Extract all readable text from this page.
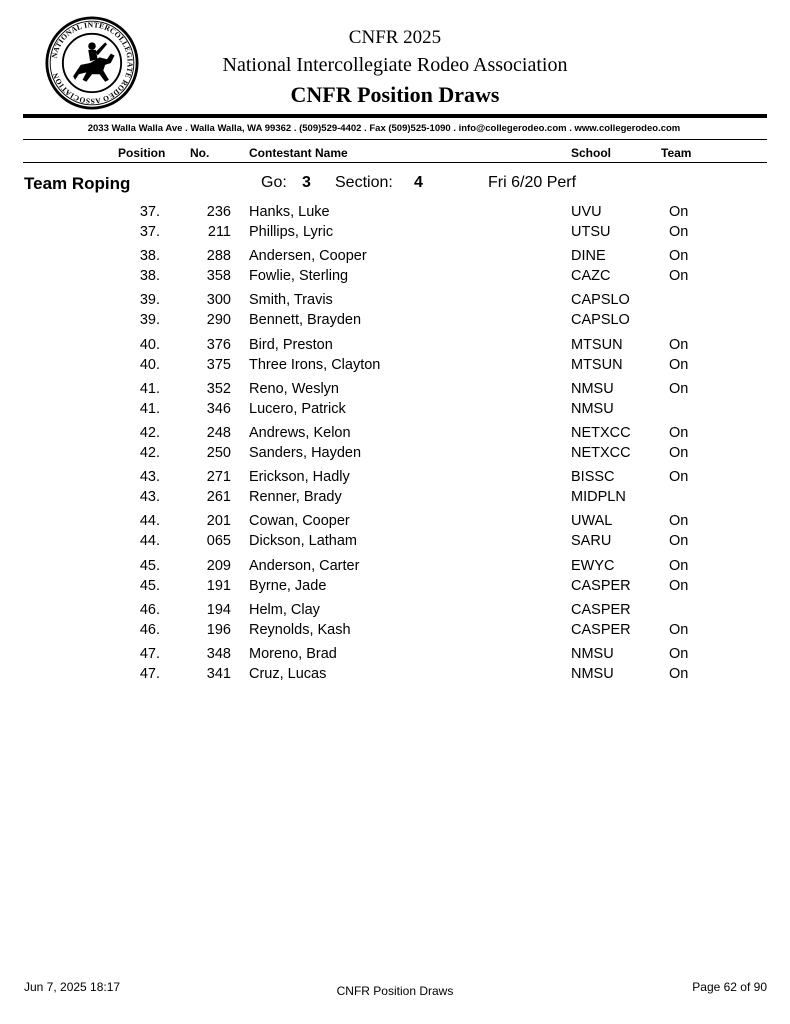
NATIONAL INTERCOLLEGIATE RODEO ASSOCIATION
CNFR 2025
National Intercollegiate Rodeo Association
CNFR Position Draws
2033 Walla Walla Ave . Walla Walla, WA 99362 . (509)529-4402 . Fax (509)525-1090 . info@collegerodeo.com . www.collegerodeo.com
Position No.	Contestant Name	School	Team
Team Roping	Go: 3 Section: 4	Fri 6/20 Perf
37.	236 Hanks, Luke	UVU	On
37.	211 Phillips, Lyric	UTSU	On
38.	288 Andersen, Cooper	DINE	On
38.	358 Fowlie, Sterling	CAZC	On
39.	300 Smith, Travis	CAPSLO
39.	290 Bennett, Brayden	CAPSLO
40.	376 Bird, Preston	MTSUN	On
40.	375 Three Irons, Clayton	MTSUN	On
41.	352 Reno, Weslyn	NMSU	On
41.	346 Lucero, Patrick	NMSU
42.	248 Andrews, Kelon	NETXCC	On
42.	250 Sanders, Hayden	NETXCC	On
43.	271 Erickson, Hadly	BISSC	On
43.	261 Renner, Brady	MIDPLN
44.	201 Cowan, Cooper	UWAL	On
44.	065 Dickson, Latham	SARU	On
45.	209 Anderson, Carter	EWYC	On
45.	191 Byrne, Jade	CASPER	On
46.	194 Helm, Clay	CASPER
46.	196 Reynolds, Kash	CASPER	On
47.	348 Moreno, Brad	NMSU	On
47.	341 Cruz, Lucas	NMSU	On
Jun 7, 2025 18:17	CNFR Position Draws	Page 62 of 90
